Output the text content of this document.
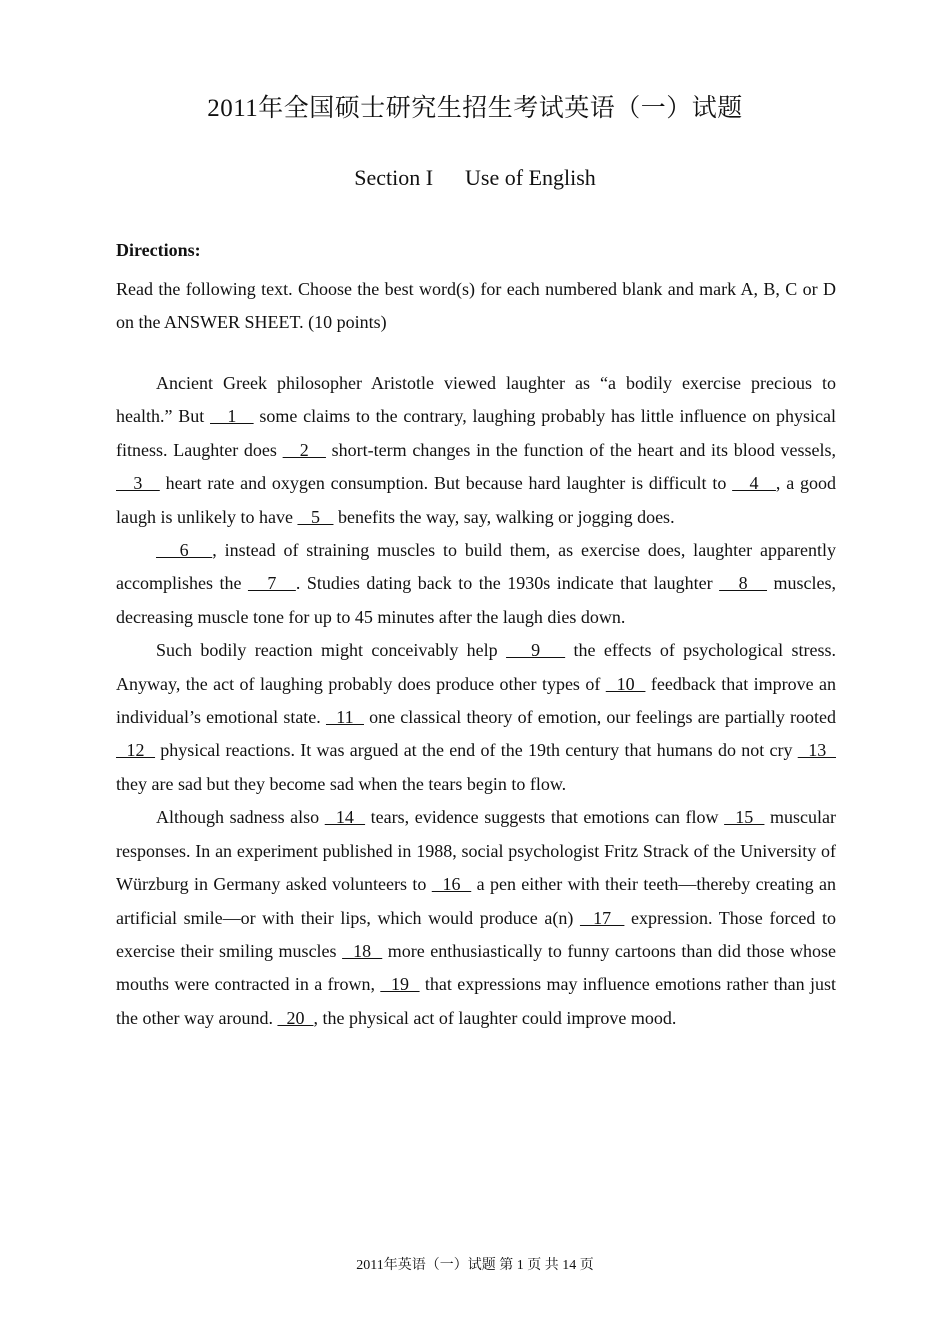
2011年全国硕士研究生招生考试英语（一）试题
Section I Use of English
Directions:
Read the following text. Choose the best word(s) for each numbered blank and mark A, B, C or D on the ANSWER SHEET. (10 points)

Ancient Greek philosopher Aristotle viewed laughter as “a bodily exercise precious to health.” But    1    some claims to the contrary, laughing probably has little influence on physical fitness. Laughter does    2    short-term changes in the function of the heart and its blood vessels,    3    heart rate and oxygen consumption. But because hard laughter is difficult to    4   , a good laugh is unlikely to have    5    benefits the way, say, walking or jogging does.

6   , instead of straining muscles to build them, as exercise does, laughter apparently accomplishes the    7   . Studies dating back to the 1930s indicate that laughter    8    muscles, decreasing muscle tone for up to 45 minutes after the laugh dies down.

Such bodily reaction might conceivably help    9    the effects of psychological stress. Anyway, the act of laughing probably does produce other types of   10   feedback that improve an individual’s emotional state.   11   one classical theory of emotion, our feelings are partially rooted   12   physical reactions. It was argued at the end of the 19th century that humans do not cry   13   they are sad but they become sad when the tears begin to flow.

Although sadness also   14   tears, evidence suggests that emotions can flow   15   muscular responses. In an experiment published in 1988, social psychologist Fritz Strack of the University of Würzburg in Germany asked volunteers to   16   a pen either with their teeth—thereby creating an artificial smile—or with their lips, which would produce a(n)   17   expression. Those forced to exercise their smiling muscles   18   more enthusiastically to funny cartoons than did those whose mouths were contracted in a frown,   19   that expressions may influence emotions rather than just the other way around.   20  , the physical act of laughter could improve mood.

2011年英语（一）试题 第 1 页 共 14 页
